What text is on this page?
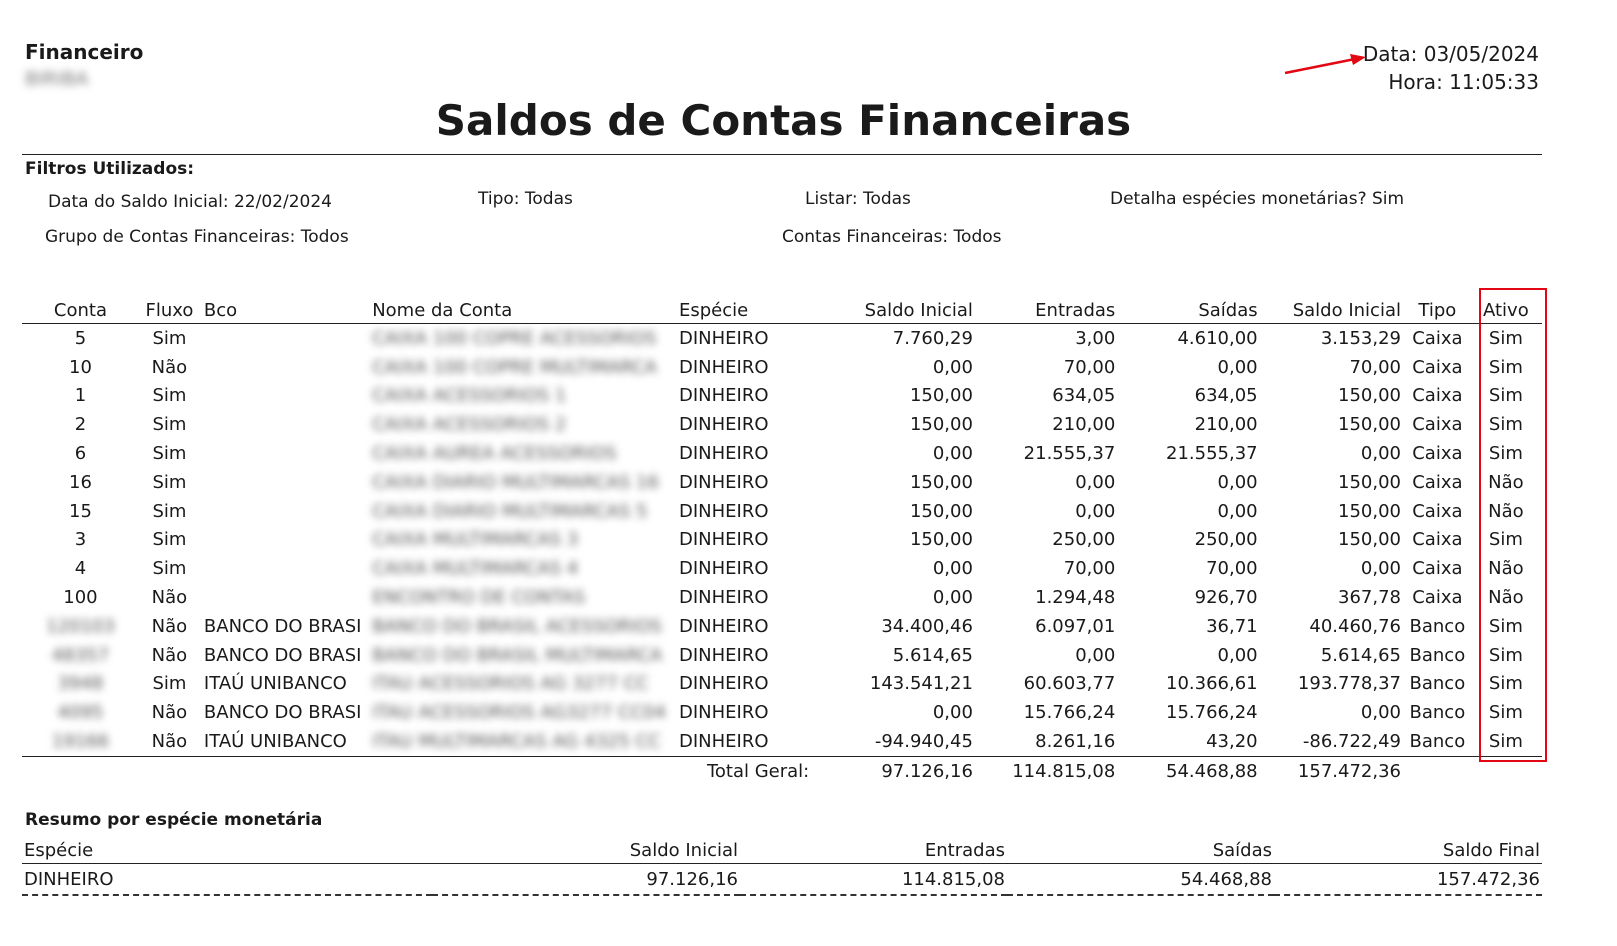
Financeiro
BIRIBA
Data: 03/05/2024
Hora: 11:05:33
Saldos de Contas Financeiras
Filtros Utilizados:
Data do Saldo Inicial: 22/02/2024	Tipo: Todas	Listar: Todas	Detalha espécies monetárias? Sim
Grupo de Contas Financeiras: Todos	Contas Financeiras: Todos
Conta	Fluxo	Bco	Nome da Conta	Espécie	Saldo Inicial	Entradas	Saídas	Saldo Inicial	Tipo	Ativo
5	Sim		CAIXA 100 COPRE ACESSORIOS	DINHEIRO	7.760,29	3,00	4.610,00	3.153,29	Caixa	Sim
10	Não		CAIXA 100 COPRE MULTIMARCA	DINHEIRO	0,00	70,00	0,00	70,00	Caixa	Sim
1	Sim		CAIXA ACESSORIOS 1	DINHEIRO	150,00	634,05	634,05	150,00	Caixa	Sim
2	Sim		CAIXA ACESSORIOS 2	DINHEIRO	150,00	210,00	210,00	150,00	Caixa	Sim
6	Sim		CAIXA AUREA ACESSORIOS	DINHEIRO	0,00	21.555,37	21.555,37	0,00	Caixa	Sim
16	Sim		CAIXA DIARIO MULTIMARCAS 16	DINHEIRO	150,00	0,00	0,00	150,00	Caixa	Não
15	Sim		CAIXA DIARIO MULTIMARCAS 5	DINHEIRO	150,00	0,00	0,00	150,00	Caixa	Não
3	Sim		CAIXA MULTIMARCAS 3	DINHEIRO	150,00	250,00	250,00	150,00	Caixa	Sim
4	Sim		CAIXA MULTIMARCAS 4	DINHEIRO	0,00	70,00	70,00	0,00	Caixa	Não
100	Não		ENCONTRO DE CONTAS	DINHEIRO	0,00	1.294,48	926,70	367,78	Caixa	Não
120103	Não	BANCO DO BRASI	BANCO DO BRASIL ACESSORIOS	DINHEIRO	34.400,46	6.097,01	36,71	40.460,76	Banco	Sim
48357	Não	BANCO DO BRASI	BANCO DO BRASIL MULTIMARCA	DINHEIRO	5.614,65	0,00	0,00	5.614,65	Banco	Sim
3948	Sim	ITAÚ UNIBANCO	ITAU ACESSORIOS AG 3277 CC	DINHEIRO	143.541,21	60.603,77	10.366,61	193.778,37	Banco	Sim
4095	Não	BANCO DO BRASI	ITAU ACESSORIOS AG3277 CC04	DINHEIRO	0,00	15.766,24	15.766,24	0,00	Banco	Sim
19166	Não	ITAÚ UNIBANCO	ITAU MULTIMARCAS AG 4325 CC	DINHEIRO	-94.940,45	8.261,16	43,20	-86.722,49	Banco	Sim
Total Geral:					97.126,16	114.815,08	54.468,88	157.472,36		
Resumo por espécie monetária
Espécie	Saldo Inicial	Entradas	Saídas	Saldo Final
DINHEIRO	97.126,16	114.815,08	54.468,88	157.472,36
